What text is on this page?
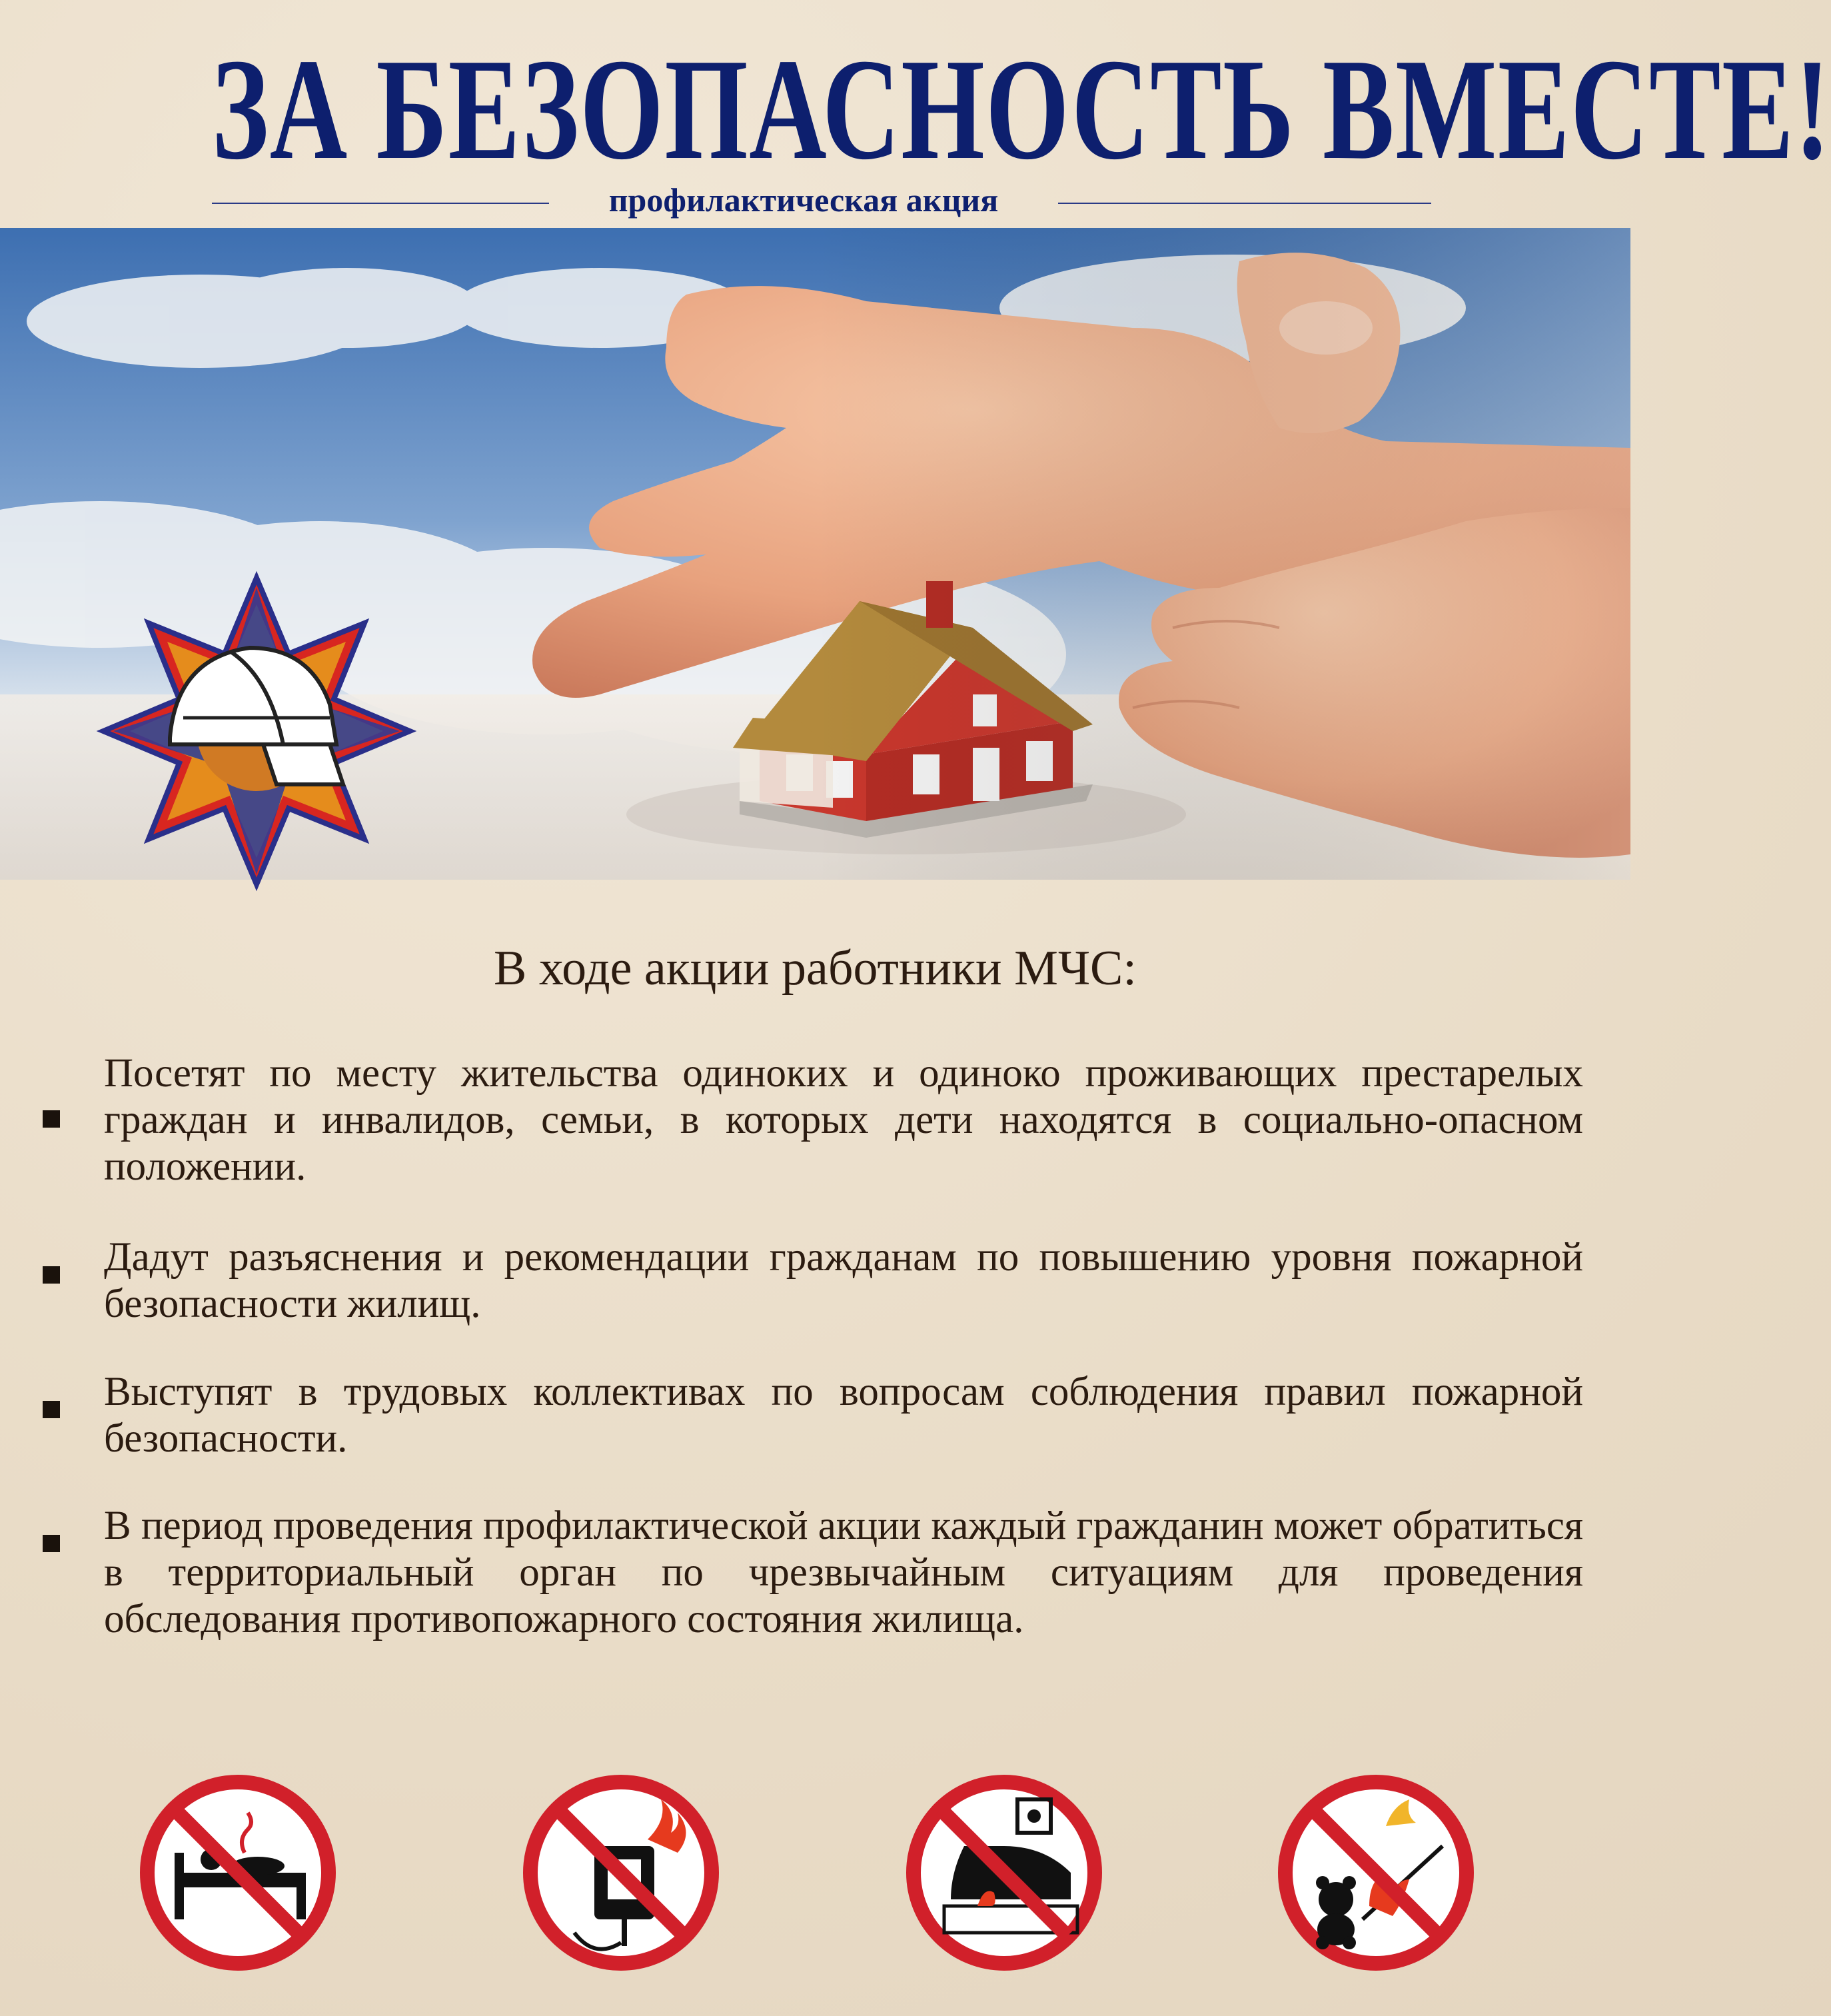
ЗА БЕЗОПАСНОСТЬ ВМЕСТЕ!
профилактическая акция
В ходе акции работники МЧС:
Посетят по месту жительства одиноких и одиноко проживающих престарелых граждан и инвалидов, семьи, в которых дети находятся в социально-опасном положении.
Дадут разъяснения и рекомендации гражданам по повышению уровня пожарной безопасности жилищ.
Выступят в трудовых коллективах по вопросам соблюдения правил пожарной безопасности.
В период проведения профилактической акции каждый гражданин может обратиться в территориальный орган по чрезвычайным ситуациям для проведения обследования противопожарного состояния жилища.
